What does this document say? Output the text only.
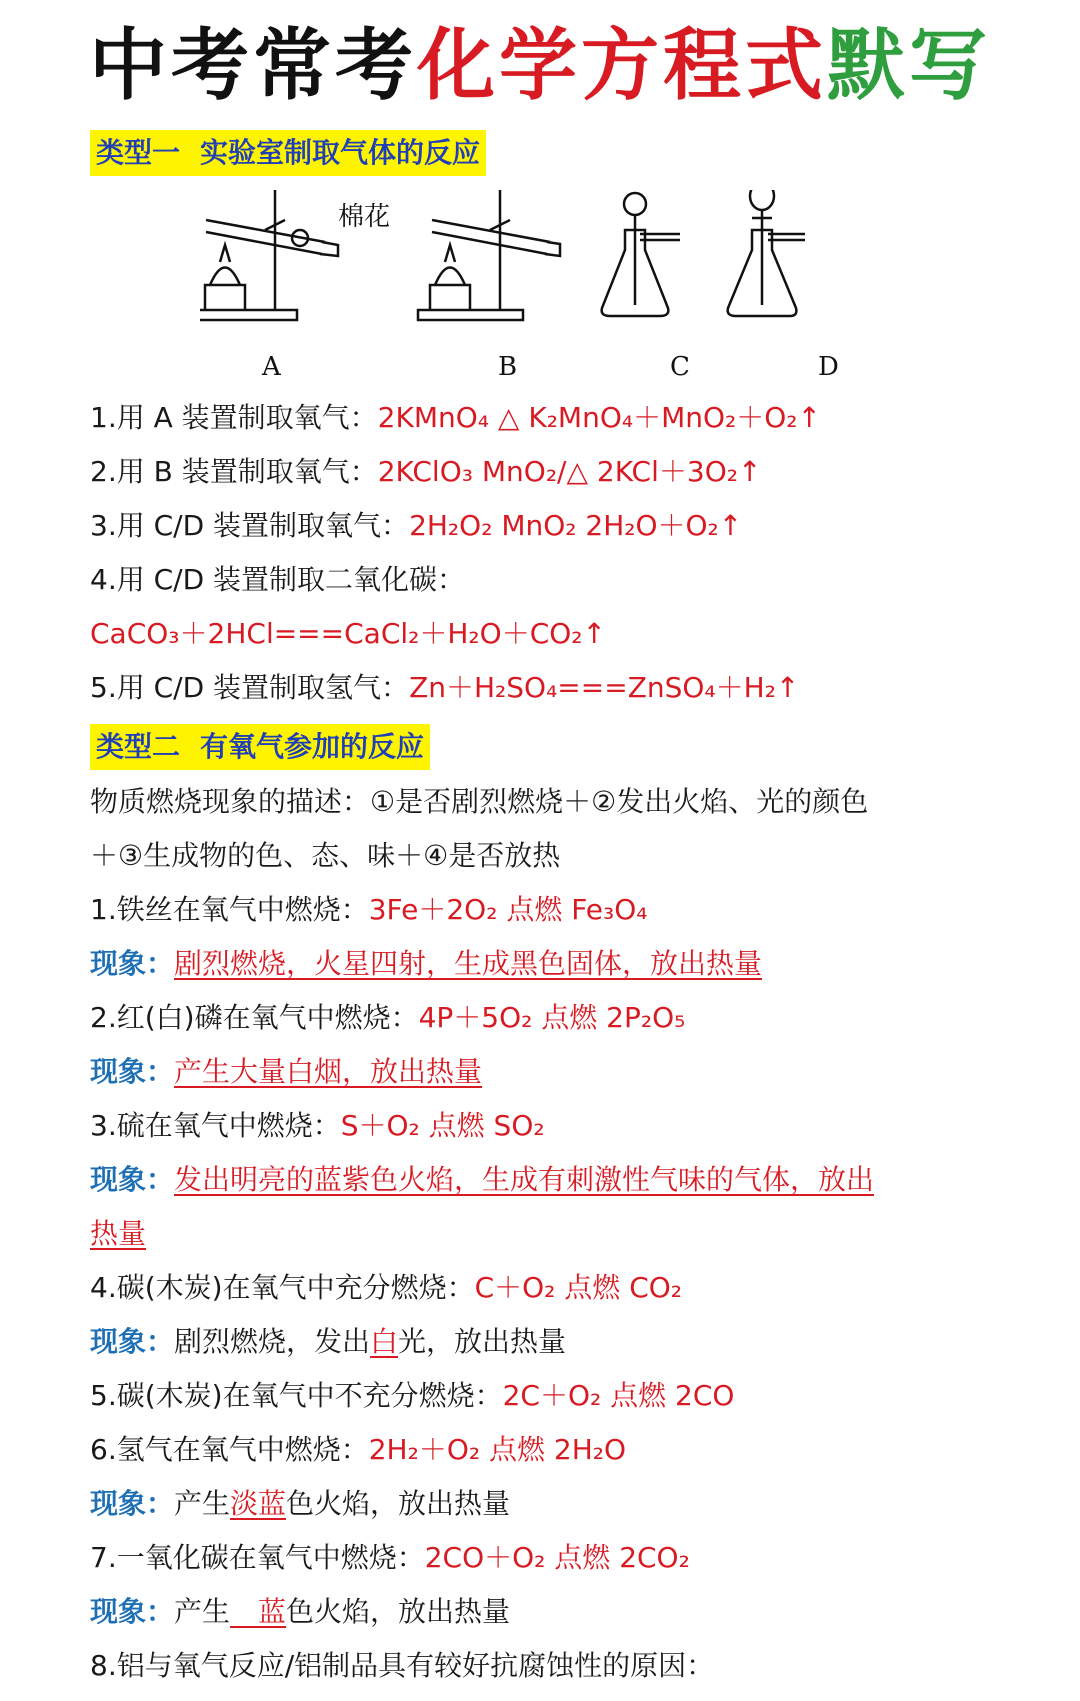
中考常考化学方程式默写
类型一 实验室制取气体的反应
棉花
A	B	C	D
1.用 A 装置制取氧气：2KMnO₄ △ K₂MnO₄＋MnO₂＋O₂↑
2.用 B 装置制取氧气：2KClO₃ MnO₂/△ 2KCl＋3O₂↑
3.用 C/D 装置制取氧气：2H₂O₂ MnO₂ 2H₂O＋O₂↑
4.用 C/D 装置制取二氧化碳：
CaCO₃＋2HCl===CaCl₂＋H₂O＋CO₂↑
5.用 C/D 装置制取氢气：Zn＋H₂SO₄===ZnSO₄＋H₂↑
类型二 有氧气参加的反应
物质燃烧现象的描述：①是否剧烈燃烧＋②发出火焰、光的颜色
＋③生成物的色、态、味＋④是否放热
1.铁丝在氧气中燃烧：3Fe＋2O₂ 点燃 Fe₃O₄
现象：剧烈燃烧，火星四射，生成黑色固体，放出热量
2.红(白)磷在氧气中燃烧：4P＋5O₂ 点燃 2P₂O₅
现象：产生大量白烟，放出热量
3.硫在氧气中燃烧：S＋O₂ 点燃 SO₂
现象：发出明亮的蓝紫色火焰，生成有刺激性气味的气体，放出
热量
4.碳(木炭)在氧气中充分燃烧：C＋O₂ 点燃 CO₂
现象：剧烈燃烧，发出白光，放出热量
5.碳(木炭)在氧气中不充分燃烧：2C＋O₂ 点燃 2CO
6.氢气在氧气中燃烧：2H₂＋O₂ 点燃 2H₂O
现象：产生淡蓝色火焰，放出热量
7.一氧化碳在氧气中燃烧：2CO＋O₂ 点燃 2CO₂
现象：产生　蓝色火焰，放出热量
8.铝与氧气反应/铝制品具有较好抗腐蚀性的原因：
